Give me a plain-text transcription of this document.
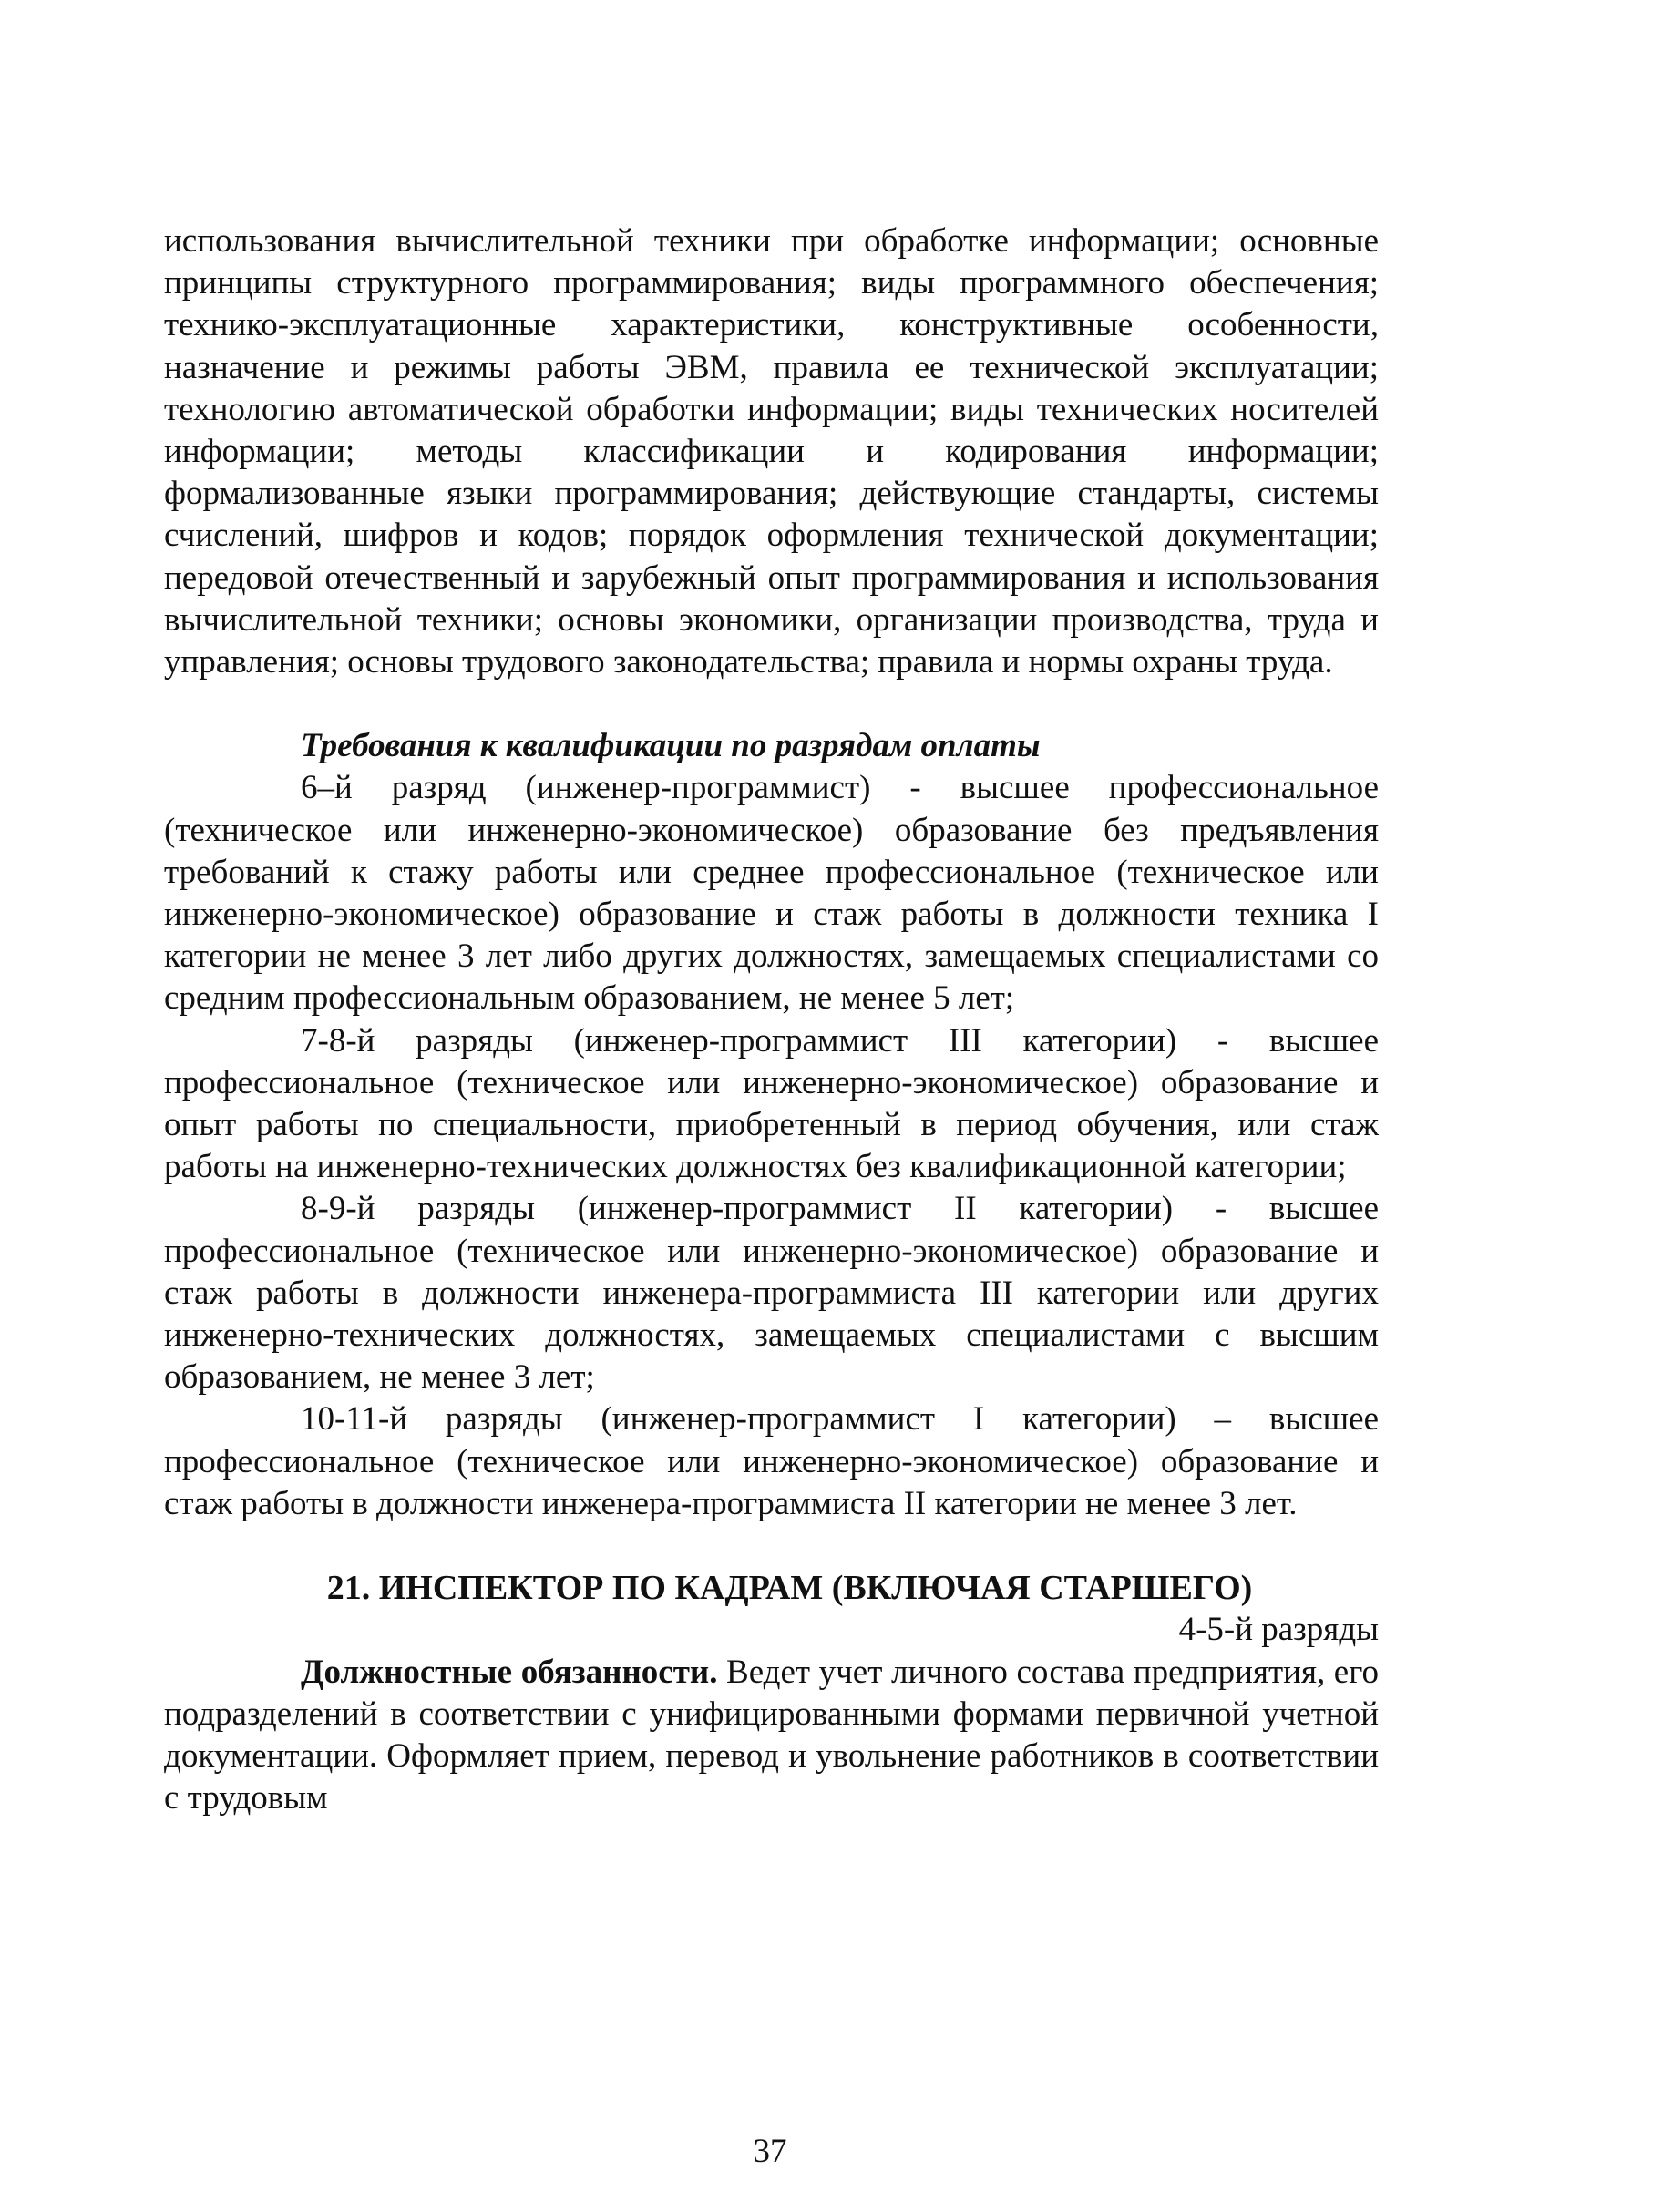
использования вычислительной техники при обработке информации; основные принципы структурного программирования; виды программного обеспечения; технико-эксплуатационные характеристики, конструктивные особенности, назначение и режимы работы ЭВМ, правила ее технической эксплуатации; технологию автоматической обработки информации; виды технических носителей информации; методы классификации и кодирования информации; формализованные языки программирования; действующие стандарты, системы счислений, шифров и кодов; порядок оформления технической документации; передовой отечественный и зарубежный опыт программирования и использования вычислительной техники; основы экономики, организации производства, труда и управления; основы трудового законодательства; правила и нормы охраны труда.

Требования к квалификации по разрядам оплаты

6–й разряд (инженер-программист) - высшее профессиональное (техническое или инженерно-экономическое) образование без предъявления требований к стажу работы или среднее профессиональное (техническое или инженерно-экономическое) образование и стаж работы в должности техника I категории не менее 3 лет либо других должностях, замещаемых специалистами со средним профессиональным образованием, не менее 5 лет;

7-8-й разряды (инженер-программист III категории) - высшее профессиональное (техническое или инженерно-экономическое) образование и опыт работы по специальности, приобретенный в период обучения, или стаж работы на инженерно-технических должностях без квалификационной категории;

8-9-й разряды (инженер-программист II категории) - высшее профессиональное (техническое или инженерно-экономическое) образование и стаж работы в должности инженера-программиста III категории или других инженерно-технических должностях, замещаемых специалистами с высшим образованием, не менее 3 лет;

10-11-й разряды (инженер-программист I категории) – высшее профессиональное (техническое или инженерно-экономическое) образование и стаж работы в должности инженера-программиста II категории не менее 3 лет.

21. ИНСПЕКТОР ПО КАДРАМ (ВКЛЮЧАЯ СТАРШЕГО)

4-5-й разряды

Должностные обязанности. Ведет учет личного состава предприятия, его подразделений в соответствии с унифицированными формами первичной учетной документации. Оформляет прием, перевод и увольнение работников в соответствии с трудовым

37
